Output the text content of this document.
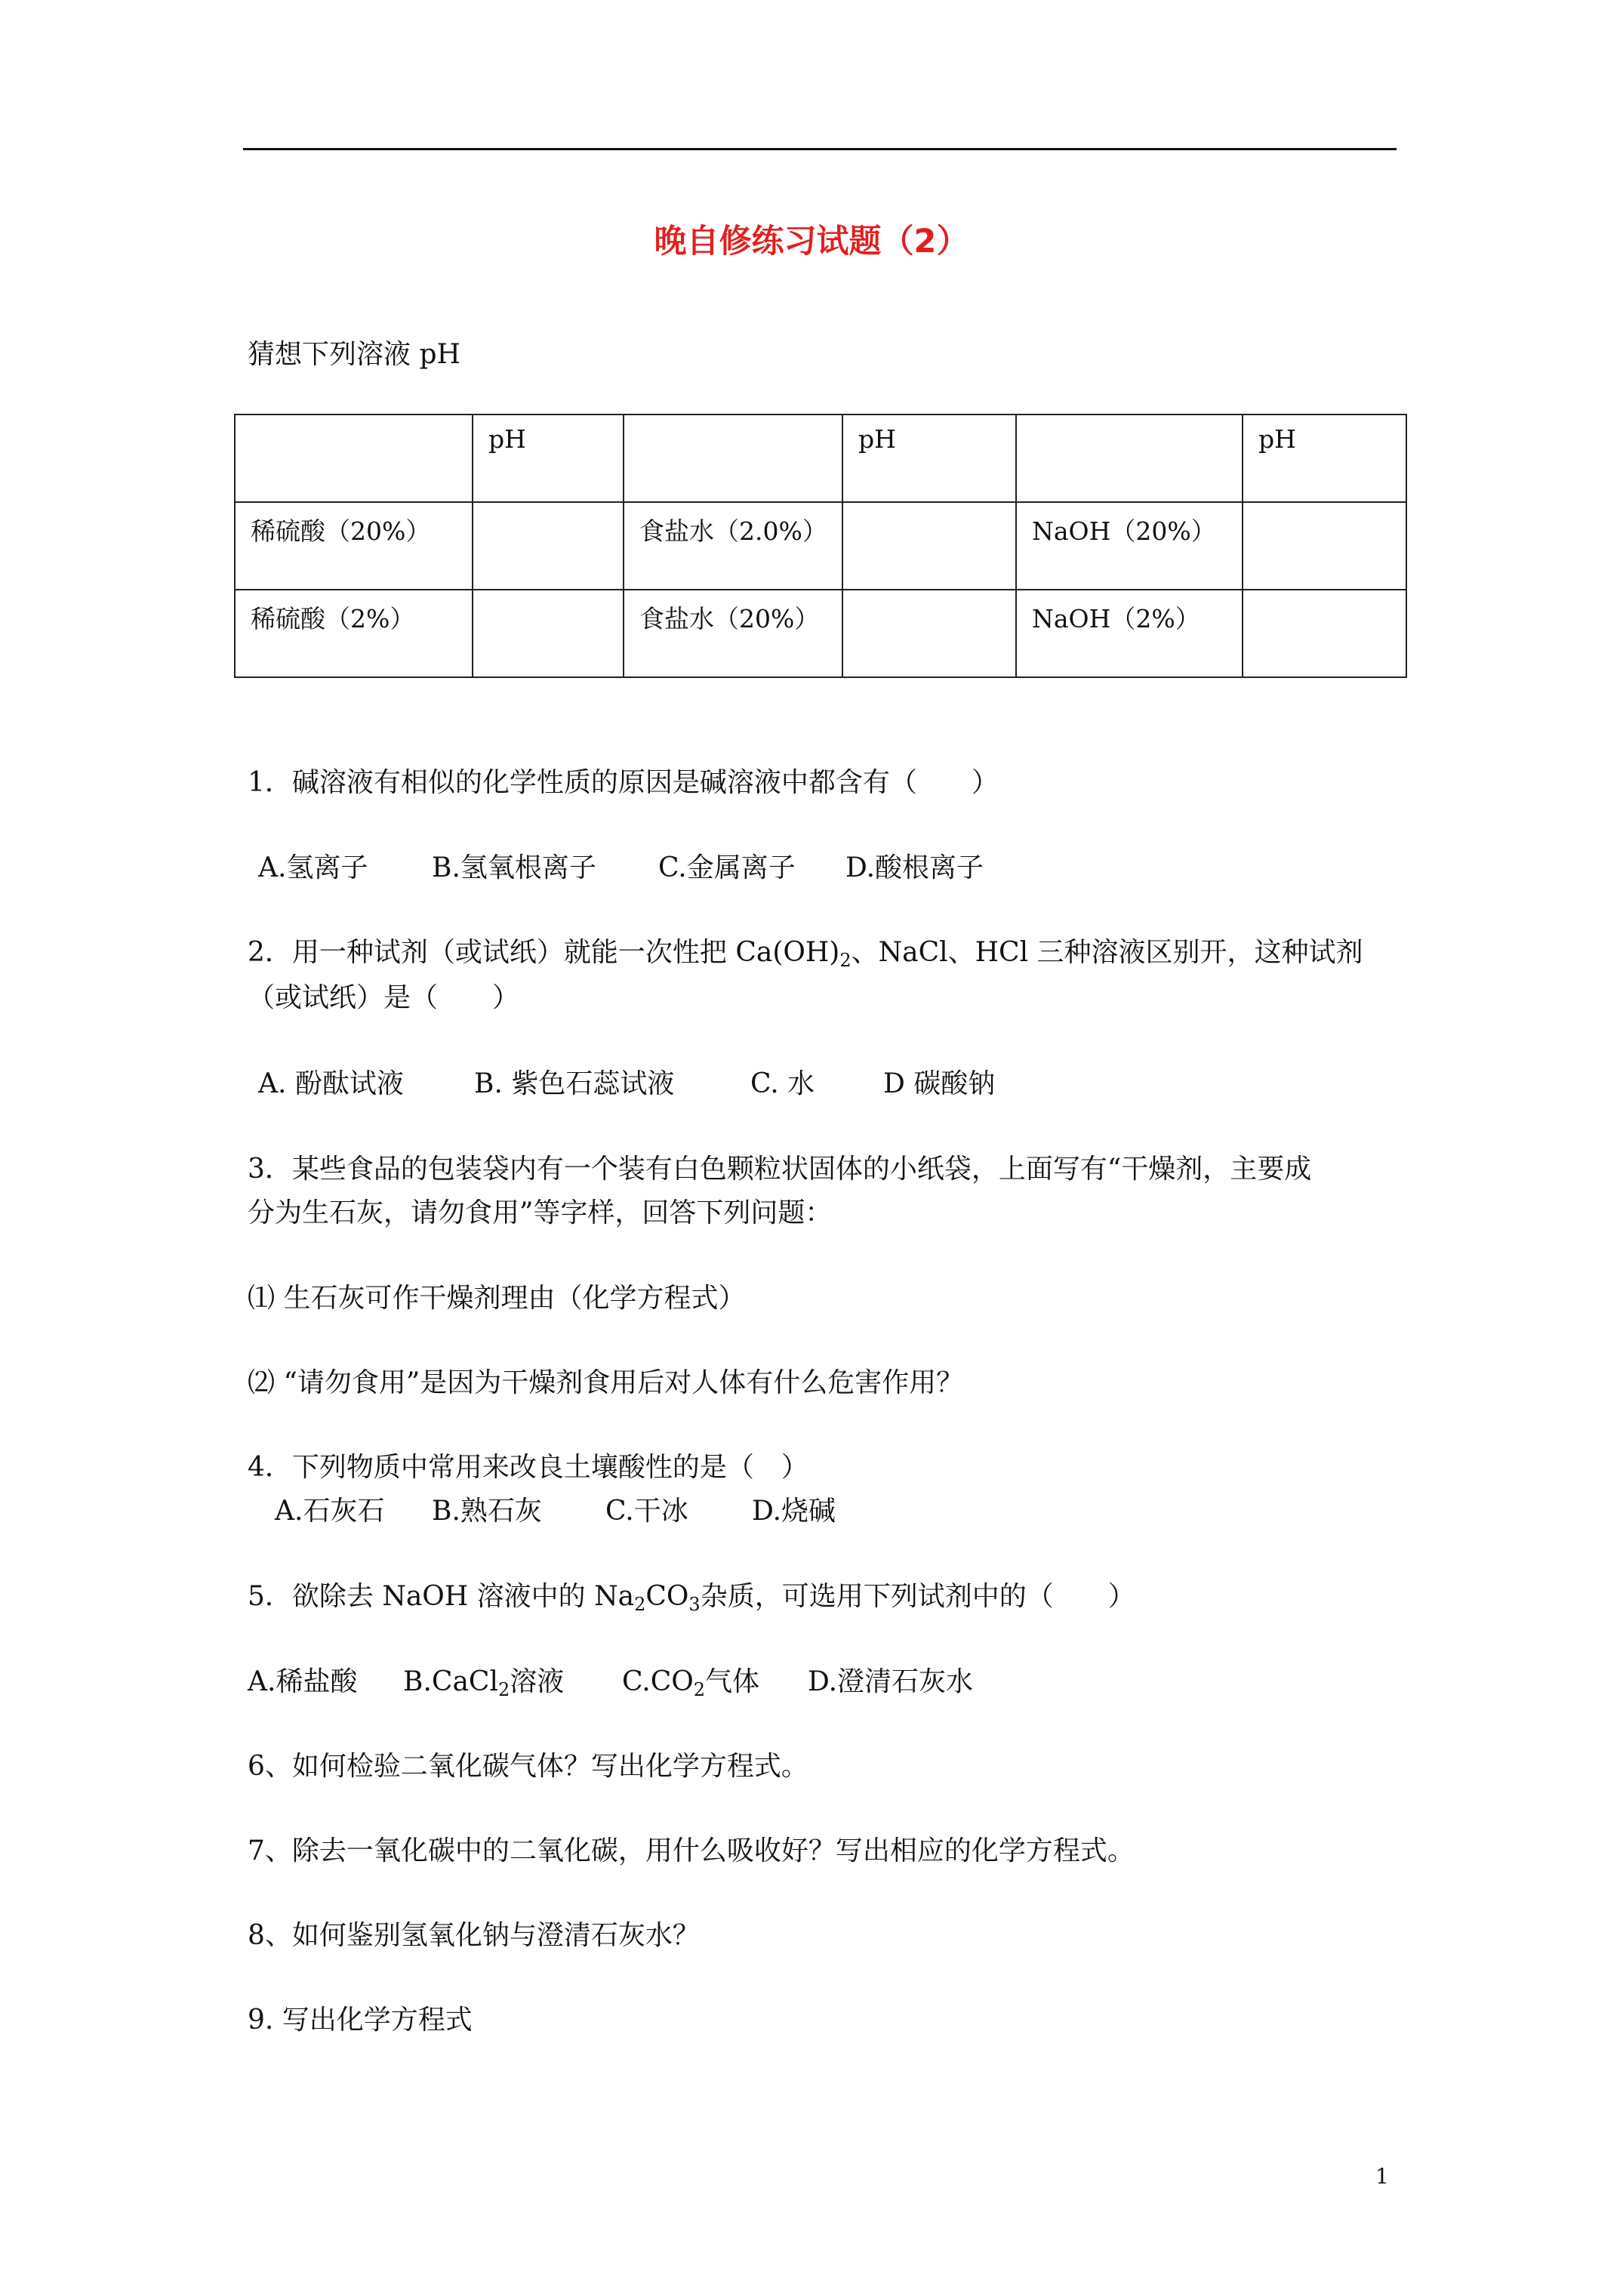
晚自修练习试题（2）
猜想下列溶液 pH
	pH		pH		pH
稀硫酸（20%）		食盐水（2.0%）		NaOH（20%）	
稀硫酸（2%）		食盐水（20%）		NaOH（2%）	
1．碱溶液有相似的化学性质的原因是碱溶液中都含有（　　）
A.氢离子 B.氢氧根离子 C.金属离子 D.酸根离子
2．用一种试剂（或试纸）就能一次性把 $Ca(OH)_2$、NaCl、HCl 三种溶液区别开，这种试剂
（或试纸）是（　　）
A. 酚酞试液	B. 紫色石蕊试液	C. 水	D 碳酸钠
3．某些食品的包装袋内有一个装有白色颗粒状固体的小纸袋，上面写有“干燥剂，主要成
分为生石灰，请勿食用”等字样，回答下列问题：
⑴ 生石灰可作干燥剂理由（化学方程式）
⑵ “请勿食用”是因为干燥剂食用后对人体有什么危害作用？
4．下列物质中常用来改良土壤酸性的是（　）
A.石灰石 B.熟石灰 C.干冰 D.烧碱
5．欲除去 NaOH 溶液中的 $Na_2CO_3$杂质，可选用下列试剂中的（　　）
A.稀盐酸 B.CaCl$_2$溶液 $C.CO_2$气体 D.澄清石灰水
6、如何检验二氧化碳气体？写出化学方程式。
7、除去一氧化碳中的二氧化碳，用什么吸收好？写出相应的化学方程式。
8、如何鉴别氢氧化钠与澄清石灰水？
9. 写出化学方程式
1
